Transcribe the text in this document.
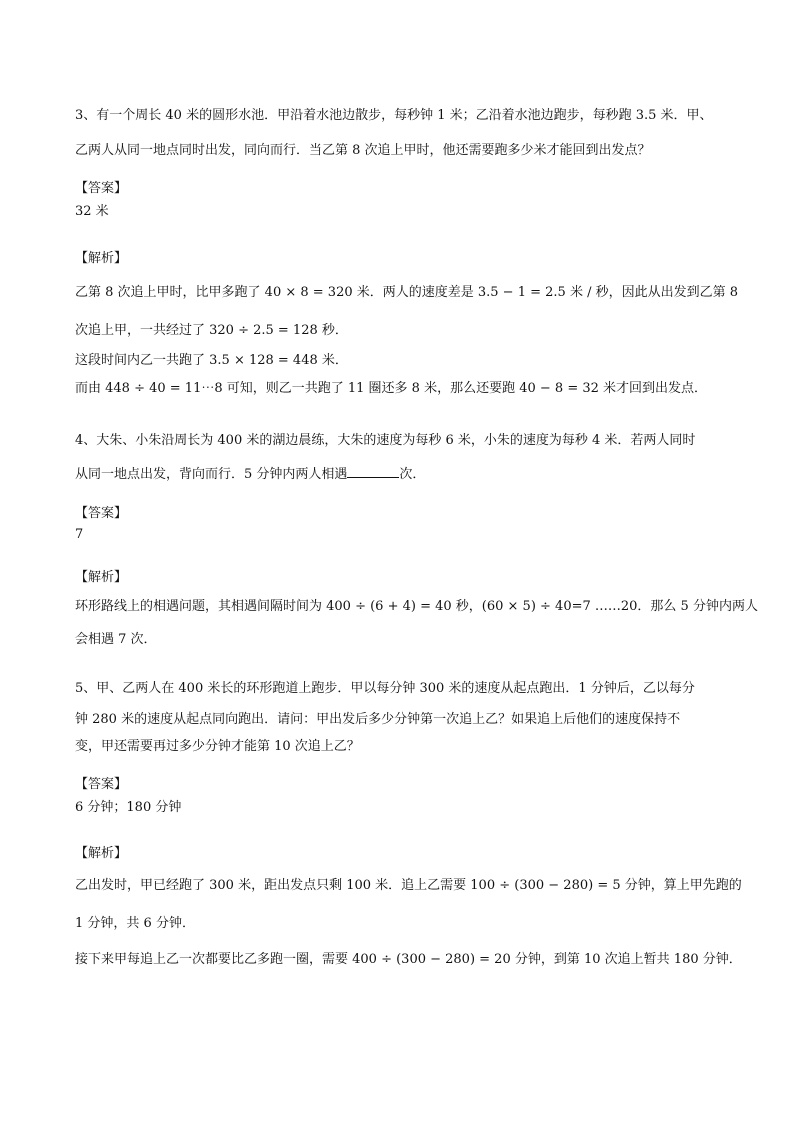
3、有一个周长 40 米的圆形水池．甲沿着水池边散步，每秒钟 1 米；乙沿着水池边跑步，每秒跑 3.5 米．甲、
乙两人从同一地点同时出发，同向而行．当乙第 8 次追上甲时，他还需要跑多少米才能回到出发点？
【答案】
32 米
【解析】
乙第 8 次追上甲时，比甲多跑了 40 × 8 = 320 米．两人的速度差是 3.5 − 1 = 2.5 米 / 秒，因此从出发到乙第 8
次追上甲，一共经过了 320 ÷ 2.5 = 128 秒．
这段时间内乙一共跑了 3.5 × 128 = 448 米．
而由 448 ÷ 40 = 11⋯8 可知，则乙一共跑了 11 圈还多 8 米，那么还要跑 40 − 8 = 32 米才回到出发点．
4、大朱、小朱沿周长为 400 米的湖边晨练，大朱的速度为每秒 6 米，小朱的速度为每秒 4 米．若两人同时
从同一地点出发，背向而行．5 分钟内两人相遇	次．
【答案】
7
【解析】
环形路线上的相遇问题，其相遇间隔时间为 400 ÷ (6 + 4) = 40 秒，(60 × 5) ÷ 40=7 ……20．那么 5 分钟内两人
会相遇 7 次．
5、甲、乙两人在 400 米长的环形跑道上跑步．甲以每分钟 300 米的速度从起点跑出．1 分钟后，乙以每分
钟 280 米的速度从起点同向跑出．请问：甲出发后多少分钟第一次追上乙？如果追上后他们的速度保持不
变，甲还需要再过多少分钟才能第 10 次追上乙？
【答案】
6 分钟；180 分钟
【解析】
乙出发时，甲已经跑了 300 米，距出发点只剩 100 米．追上乙需要 100 ÷ (300 − 280) = 5 分钟，算上甲先跑的
1 分钟，共 6 分钟．
接下来甲每追上乙一次都要比乙多跑一圈，需要 400 ÷ (300 − 280) = 20 分钟，到第 10 次追上暂共 180 分钟．
